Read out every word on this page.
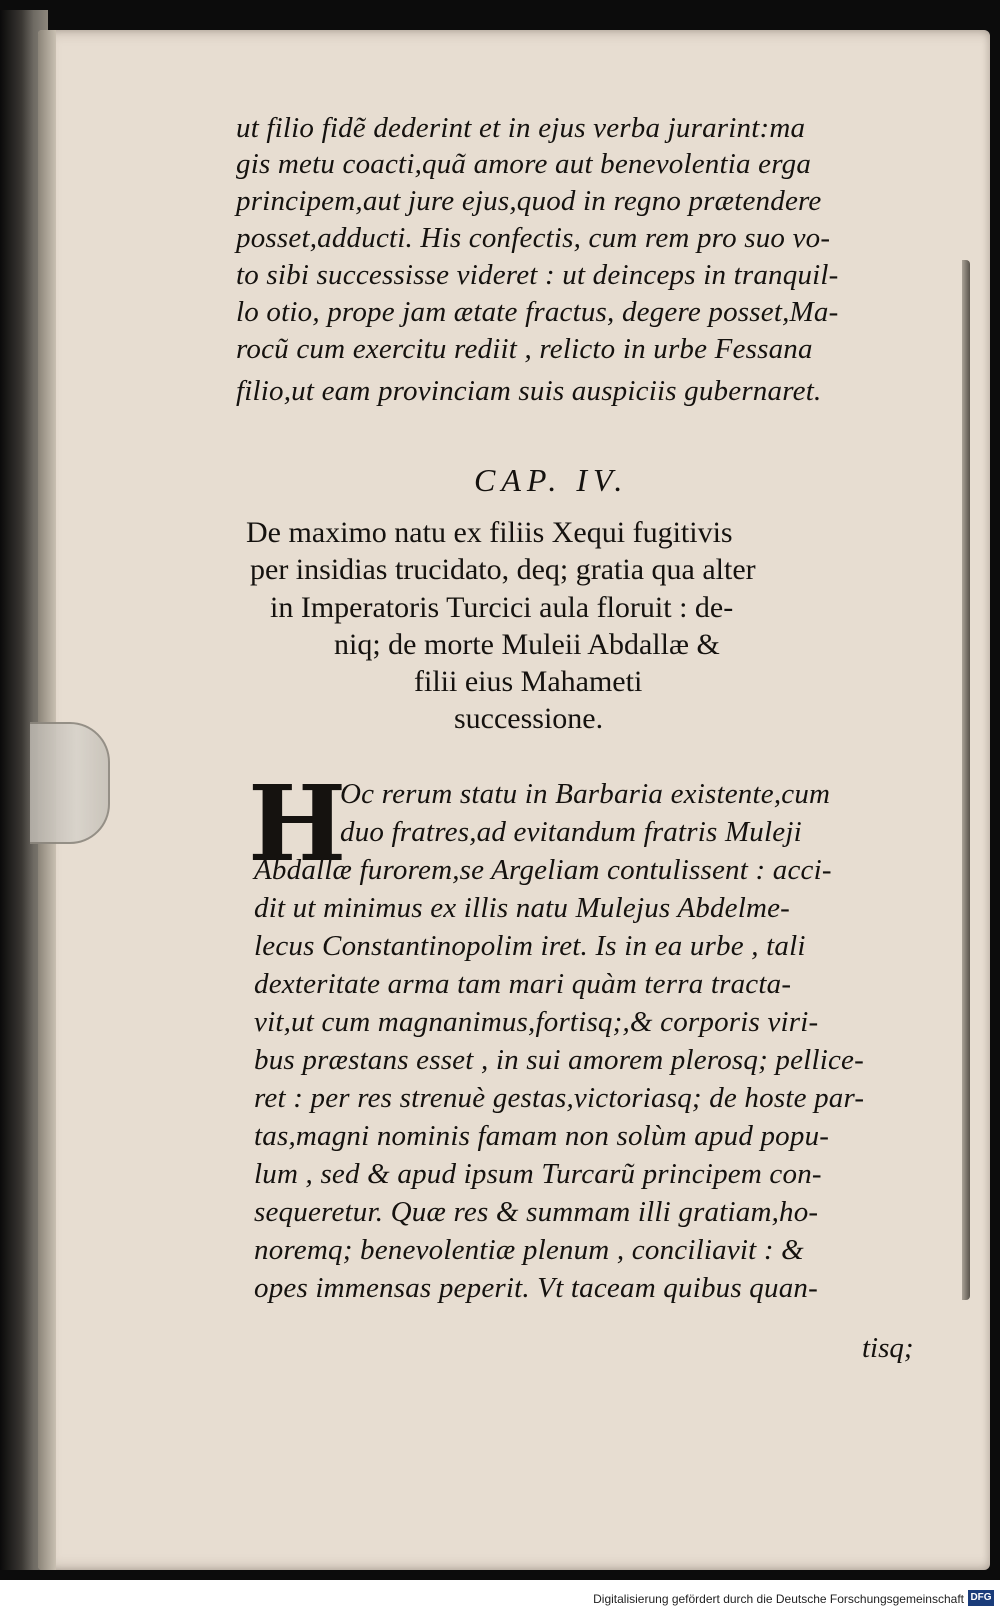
ut filio fidẽ dederint et in ejus verba jurarint:ma
gis metu coacti,quã amore aut benevolentia erga
principem,aut jure ejus,quod in regno prætendere
posset,adducti. His confectis, cum rem pro suo vo-
to sibi successisse videret : ut deinceps in tranquil-
lo otio, prope jam ætate fractus, degere posset,Ma-
rocũ cum exercitu rediit , relicto in urbe Fessana
filio,ut eam provinciam suis auspiciis gubernaret.
CAP. IV.
De maximo natu ex filiis Xequi fugitivis
per insidias trucidato, deq; gratia qua alter
in Imperatoris Turcici aula floruit : de-
niq; de morte Muleii Abdallæ &
filii eius Mahameti
successione.
H
Oc rerum statu in Barbaria existente,cum
duo fratres,ad evitandum fratris Muleji
Abdallæ furorem,se Argeliam contulissent : acci-
dit ut minimus ex illis natu Mulejus Abdelme-
lecus Constantinopolim iret. Is in ea urbe , tali
dexteritate arma tam mari quàm terra tracta-
vit,ut cum magnanimus,fortisq;,& corporis viri-
bus præstans esset , in sui amorem plerosq; pellice-
ret : per res strenuè gestas,victoriasq; de hoste par-
tas,magni nominis famam non solùm apud popu-
lum , sed & apud ipsum Turcarũ principem con-
sequeretur. Quæ res & summam illi gratiam,ho-
noremq; benevolentiæ plenum , conciliavit : &
opes immensas peperit. Vt taceam quibus quan-
tisq;
Digitalisierung gefördert durch die Deutsche Forschungsgemeinschaft DFG
